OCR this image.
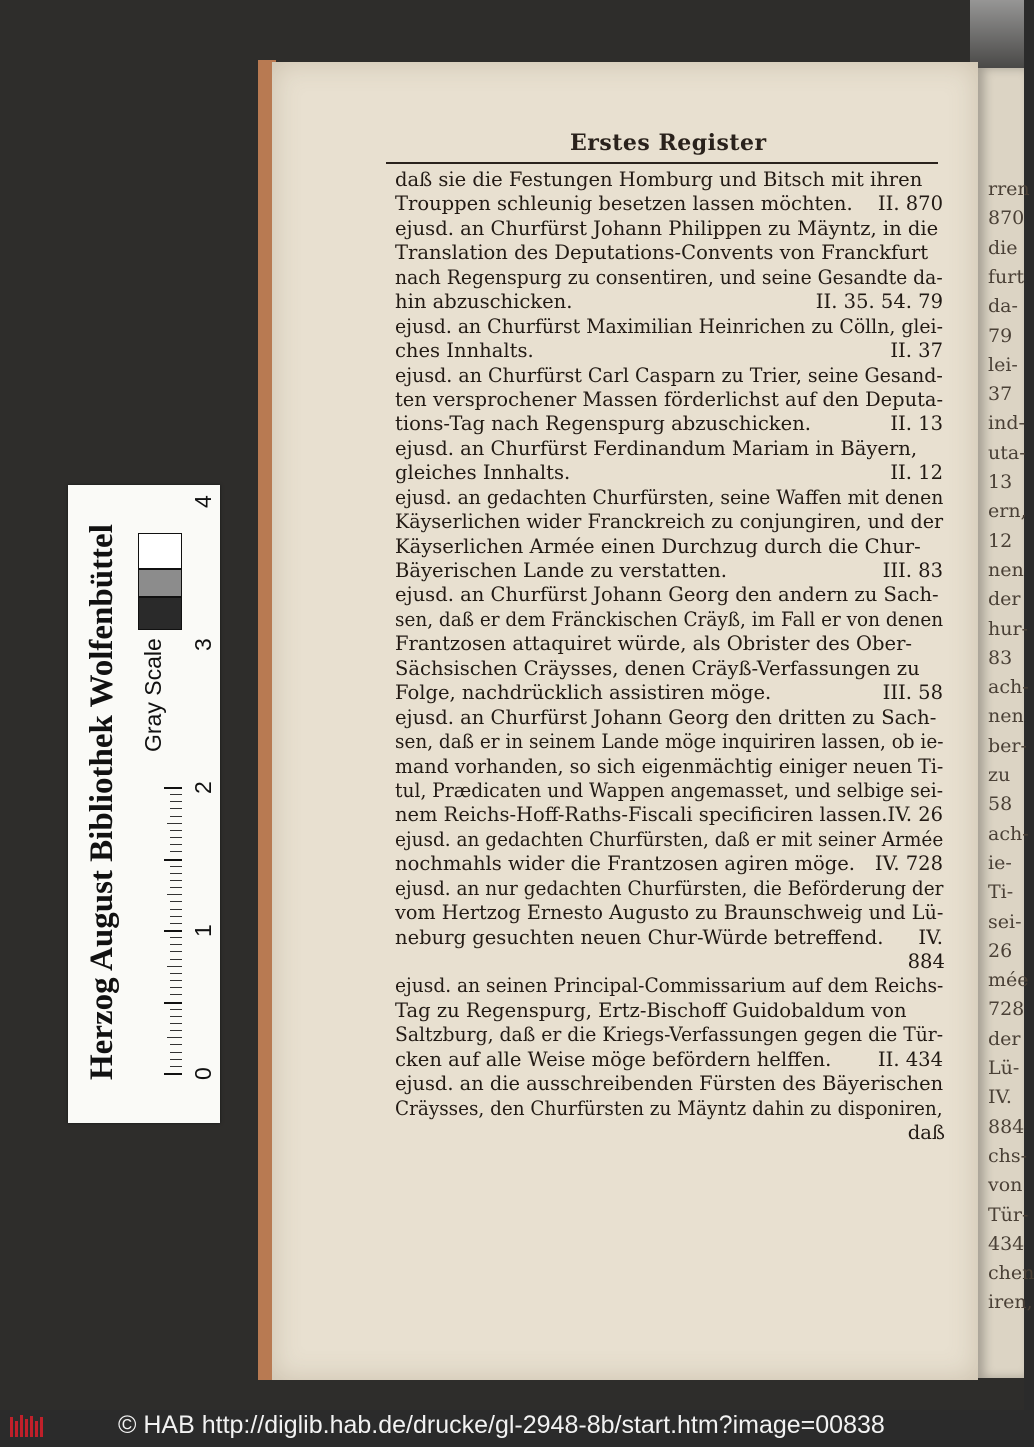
rren
870
die
furt
da-
79
lei-
37
ind-
uta-
13
ern,
12
nen
der
hur-
83
ach-
nen
ber-
zu
58
ach-
ie-
Ti-
sei-
26
mée
728
der
Lü-
IV.
884
chs-
von
Tür-
434
chen
iren,
Erstes Register
daß sie die Festungen Homburg und Bitsch mit ihren
Trouppen schleunig besetzen lassen möchten. II. 870
ejusd. an Churfürst Johann Philippen zu Mäyntz, in die
Translation des Deputations-Convents von Franckfurt
nach Regenspurg zu consentiren, und seine Gesandte da-
hin abzuschicken.	II. 35. 54. 79
ejusd. an Churfürst Maximilian Heinrichen zu Cölln, glei-
ches Innhalts.	II. 37
ejusd. an Churfürst Carl Casparn zu Trier, seine Gesand-
ten versprochener Massen förderlichst auf den Deputa-
tions-Tag nach Regenspurg abzuschicken.	II. 13
ejusd. an Churfürst Ferdinandum Mariam in Bäyern,
gleiches Innhalts.	II. 12
ejusd. an gedachten Churfürsten, seine Waffen mit denen
Käyserlichen wider Franckreich zu conjungiren, und der
Käyserlichen Armée einen Durchzug durch die Chur-
Bäyerischen Lande zu verstatten.	III. 83
ejusd. an Churfürst Johann Georg den andern zu Sach-
sen, daß er dem Fränckischen Cräyß, im Fall er von denen
Frantzosen attaquiret würde, als Obrister des Ober-
Sächsischen Cräysses, denen Cräyß-Verfassungen zu
Folge, nachdrücklich assistiren möge.	III. 58
ejusd. an Churfürst Johann Georg den dritten zu Sach-
sen, daß er in seinem Lande möge inquiriren lassen, ob ie-
mand vorhanden, so sich eigenmächtig einiger neuen Ti-
tul, Prædicaten und Wappen angemasset, und selbige sei-
nem Reichs-Hoff-Raths-Fiscali specificiren lassen. IV. 26
ejusd. an gedachten Churfürsten, daß er mit seiner Armée
nochmahls wider die Frantzosen agiren möge. IV. 728
ejusd. an nur gedachten Churfürsten, die Beförderung der
vom Hertzog Ernesto Augusto zu Braunschweig und Lü-
neburg gesuchten neuen Chur-Würde betreffend. IV.
884
ejusd. an seinen Principal-Commissarium auf dem Reichs-
Tag zu Regenspurg, Ertz-Bischoff Guidobaldum von
Saltzburg, daß er die Kriegs-Verfassungen gegen die Tür-
cken auf alle Weise möge befördern helffen. II. 434
ejusd. an die ausschreibenden Fürsten des Bäyerischen
Cräysses, den Churfürsten zu Mäyntz dahin zu disponiren,
daß
Herzog August Bibliothek Wolfenbüttel Gray Scale
0
1
2
3
4
© HAB http://diglib.hab.de/drucke/gl-2948-8b/start.htm?image=00838
